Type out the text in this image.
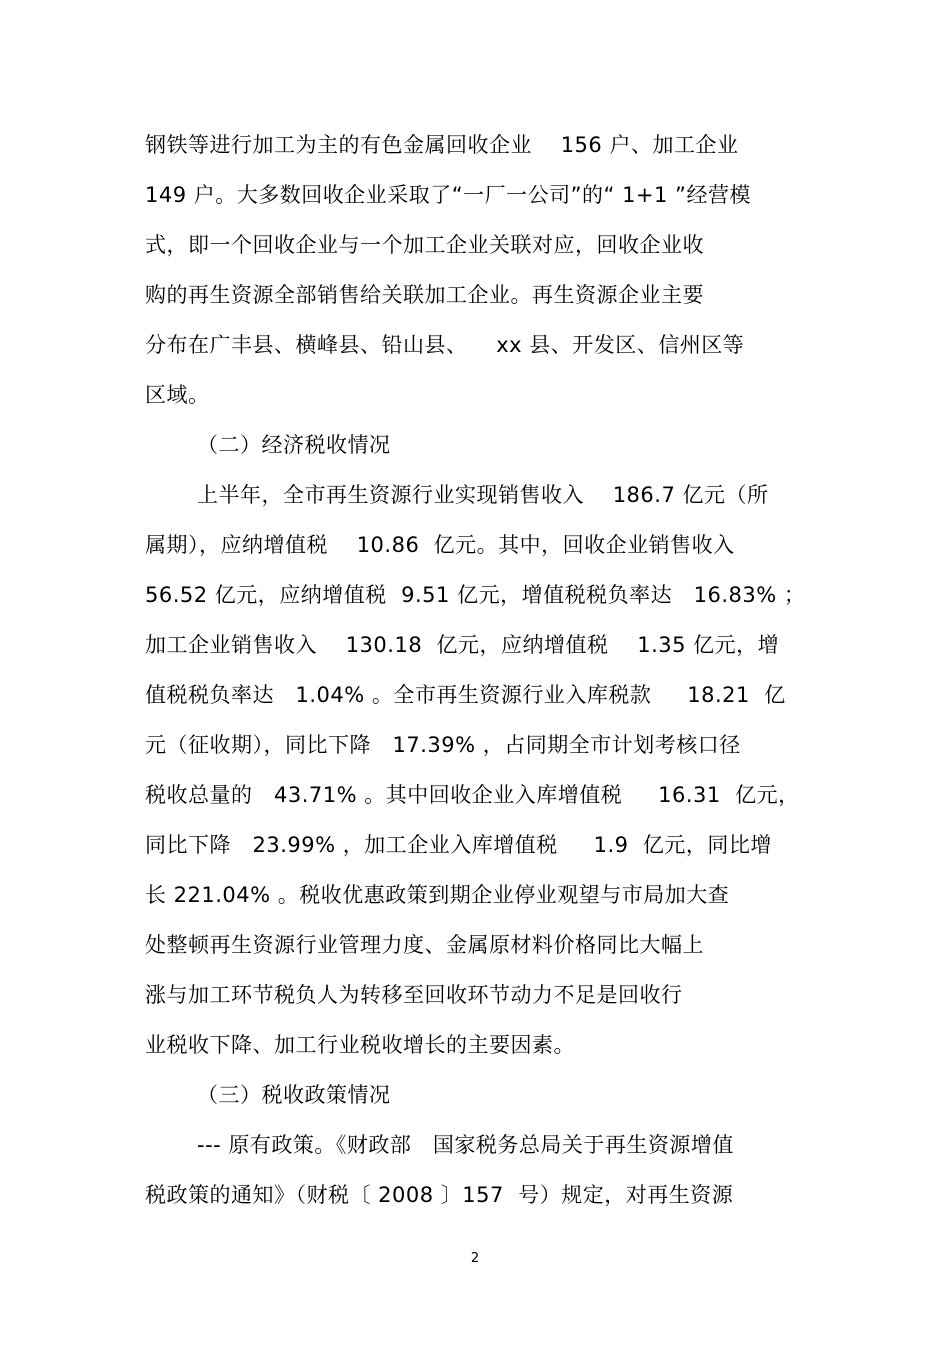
钢铁等进行加工为主的有色金属回收企业    156 户、加工企业
149 户。大多数回收企业采取了“一厂一公司”的“ 1+1 ”经营模
式，即一个回收企业与一个加工企业关联对应，回收企业收
购的再生资源全部销售给关联加工企业。再生资源企业主要
分布在广丰县、横峰县、铅山县、    xx 县、开发区、信州区等
区域。
（二）经济税收情况
上半年，全市再生资源行业实现销售收入    186.7 亿元（所
属期），应纳增值税    10.86  亿元。其中，回收企业销售收入
56.52 亿元，应纳增值税  9.51 亿元，增值税税负率达   16.83% ；
加工企业销售收入    130.18  亿元，应纳增值税    1.35 亿元，增
值税税负率达   1.04% 。全市再生资源行业入库税款     18.21  亿
元（征收期），同比下降   17.39% ，占同期全市计划考核口径
税收总量的   43.71% 。其中回收企业入库增值税     16.31  亿元，
同比下降   23.99% ，加工企业入库增值税     1.9  亿元，同比增
长 221.04% 。税收优惠政策到期企业停业观望与市局加大查
处整顿再生资源行业管理力度、金属原材料价格同比大幅上
涨与加工环节税负人为转移至回收环节动力不足是回收行
业税收下降、加工行业税收增长的主要因素。
（三）税收政策情况
--- 原有政策。《财政部   国家税务总局关于再生资源增值
税政策的通知》（财税〔 2008 〕157  号）规定，对再生资源
2
